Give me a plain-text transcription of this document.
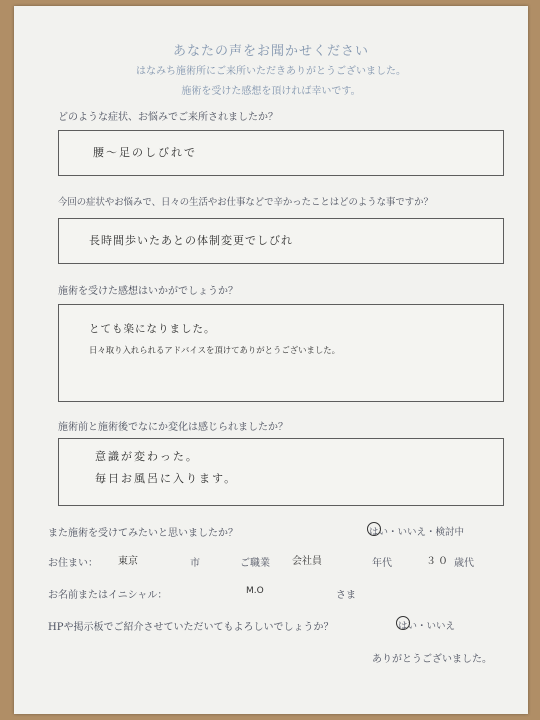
あなたの声をお聞かせください
はなみち施術所にご来所いただきありがとうございました。
施術を受けた感想を頂ければ幸いです。
どのような症状、お悩みでご来所されましたか？
腰～足のしびれで
今回の症状やお悩みで、日々の生活やお仕事などで辛かったことはどのような事ですか？
長時間歩いたあとの体制変更でしびれ
施術を受けた感想はいかがでしょうか？
とても楽になりました。
日々取り入れられるアドバイスを頂けてありがとうございました。
施術前と施術後でなにか変化は感じられましたか？
意識が変わった。
毎日お風呂に入ります。
また施術を受けてみたいと思いましたか？	はい・いいえ・検討中
お住まい： 東京	市	ご職業 会社員	年代	３０ 歳代
お名前またはイニシャル：	M.O	さま
HPや掲示板でご紹介させていただいてもよろしいでしょうか？	はい・いいえ
ありがとうございました。
